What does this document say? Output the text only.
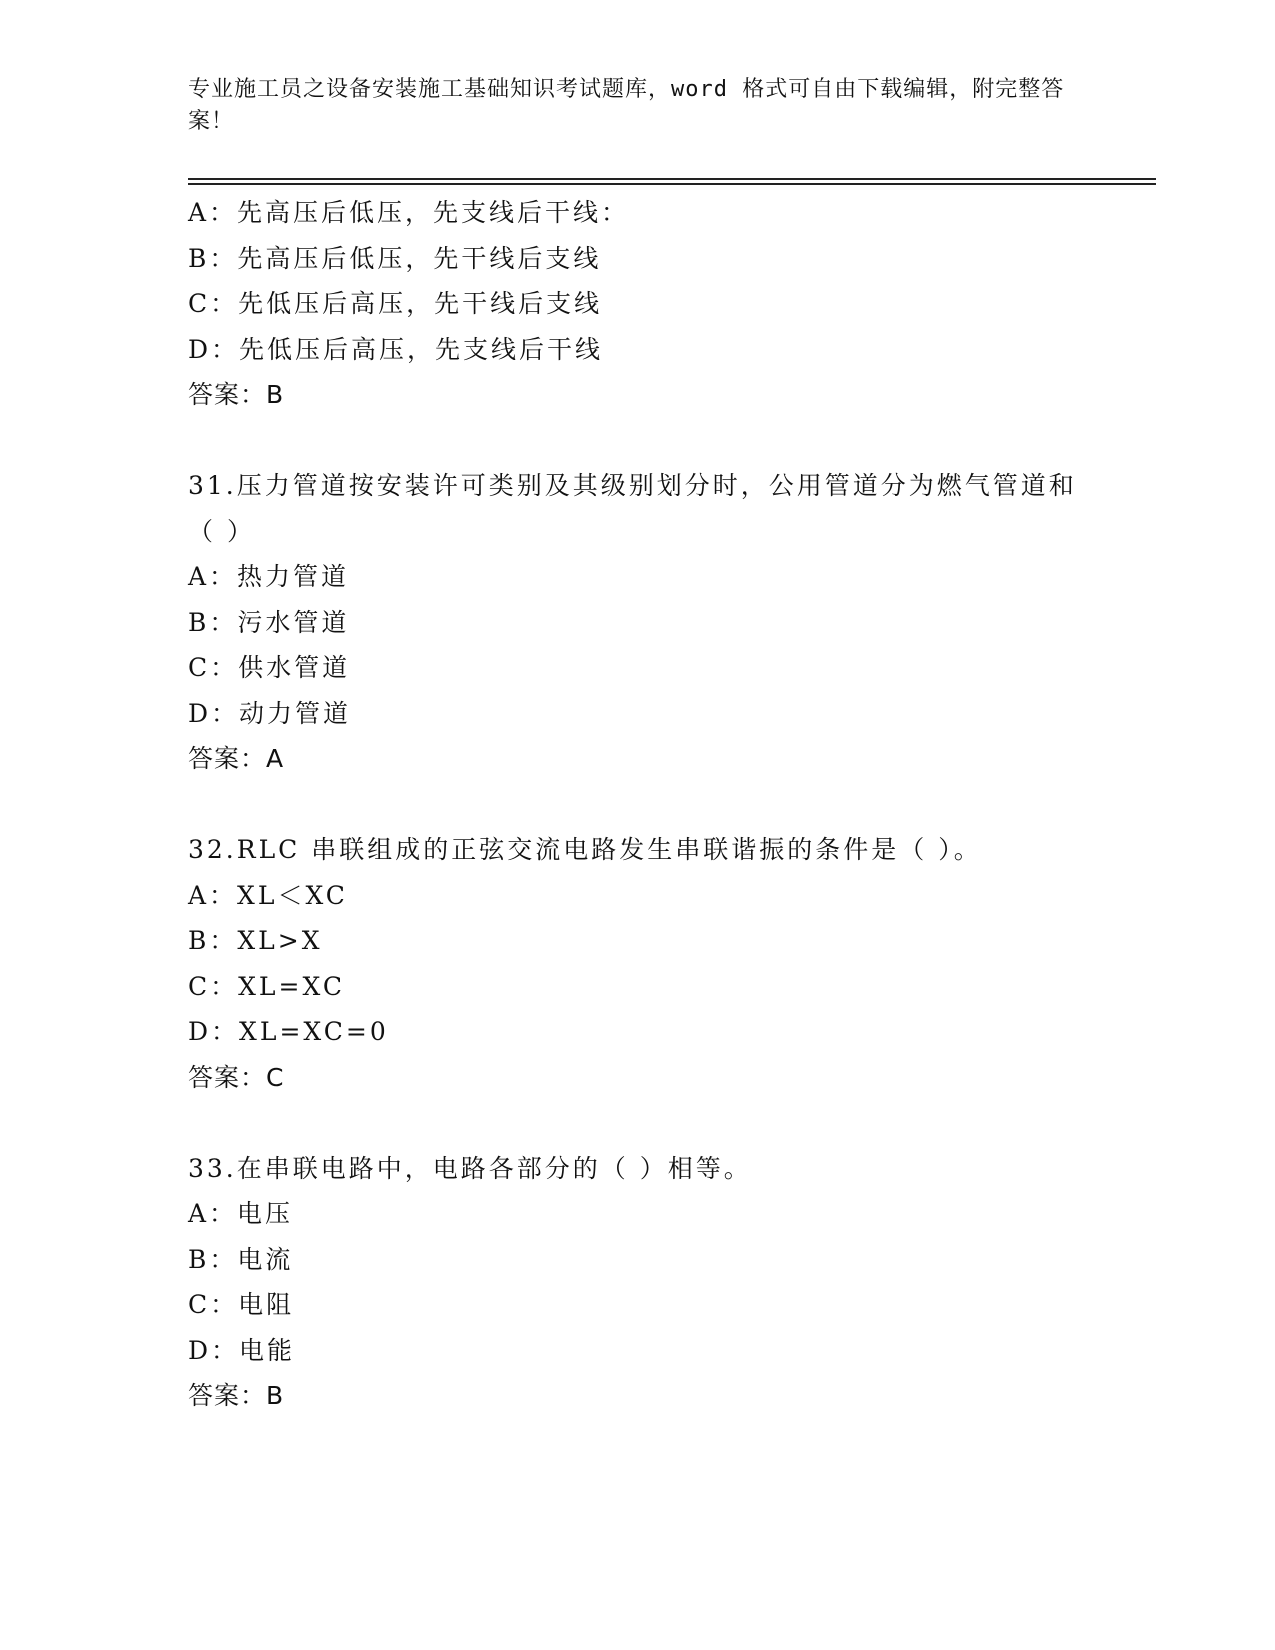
专业施工员之设备安装施工基础知识考试题库，word 格式可自由下载编辑，附完整答案！
A：先高压后低压，先支线后干线：
B：先高压后低压，先干线后支线
C：先低压后高压，先干线后支线
D：先低压后高压，先支线后干线
答案：B
31.压力管道按安装许可类别及其级别划分时，公用管道分为燃气管道和（ ）
A：热力管道
B：污水管道
C：供水管道
D：动力管道
答案：A
32.RLC 串联组成的正弦交流电路发生串联谐振的条件是（ ）。
A：XL＜XC
B：XL>X
C：XL=XC
D：XL=XC=0
答案：C
33.在串联电路中，电路各部分的（ ）相等。
A：电压
B：电流
C：电阻
D：电能
答案：B
